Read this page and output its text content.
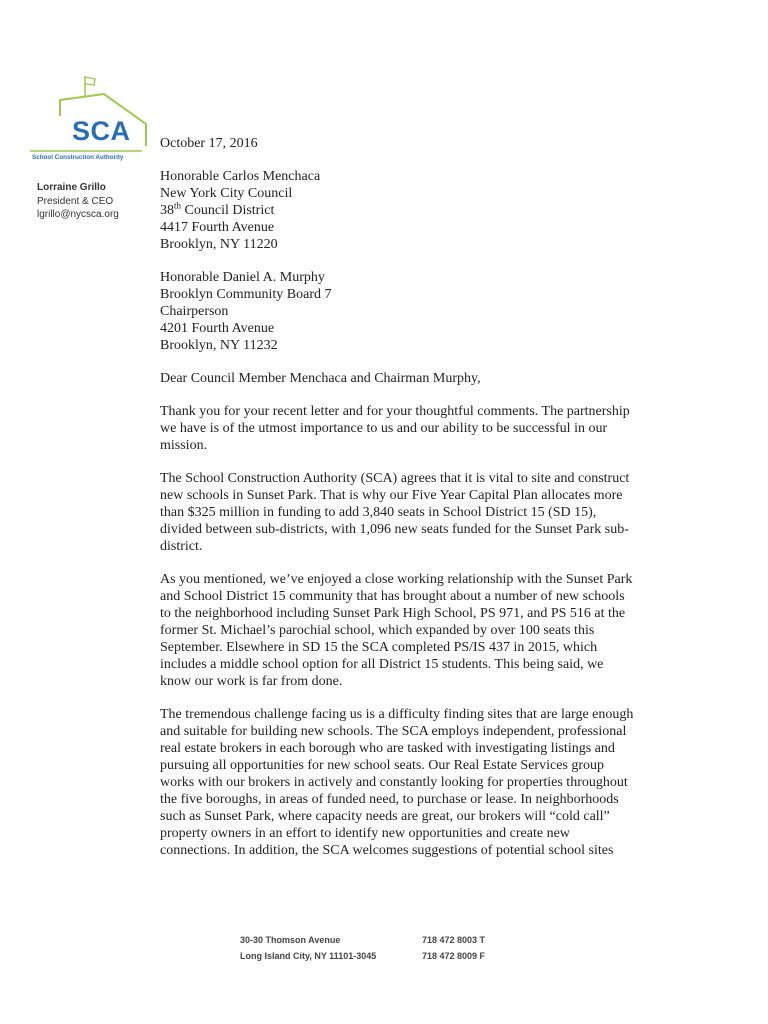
SCA
School Construction Authority
Lorraine Grillo
President & CEO
lgrillo@nycsca.org
October 17, 2016
Honorable Carlos Menchaca
New York City Council
38th Council District
4417 Fourth Avenue
Brooklyn, NY 11220
Honorable Daniel A. Murphy
Brooklyn Community Board 7
Chairperson
4201 Fourth Avenue
Brooklyn, NY 11232
Dear Council Member Menchaca and Chairman Murphy,
Thank you for your recent letter and for your thoughtful comments. The partnership
we have is of the utmost importance to us and our ability to be successful in our
mission.
The School Construction Authority (SCA) agrees that it is vital to site and construct
new schools in Sunset Park. That is why our Five Year Capital Plan allocates more
than $325 million in funding to add 3,840 seats in School District 15 (SD 15),
divided between sub-districts, with 1,096 new seats funded for the Sunset Park sub-
district.
As you mentioned, we’ve enjoyed a close working relationship with the Sunset Park
and School District 15 community that has brought about a number of new schools
to the neighborhood including Sunset Park High School, PS 971, and PS 516 at the
former St. Michael’s parochial school, which expanded by over 100 seats this
September. Elsewhere in SD 15 the SCA completed PS/IS 437 in 2015, which
includes a middle school option for all District 15 students. This being said, we
know our work is far from done.
The tremendous challenge facing us is a difficulty finding sites that are large enough
and suitable for building new schools. The SCA employs independent, professional
real estate brokers in each borough who are tasked with investigating listings and
pursuing all opportunities for new school seats. Our Real Estate Services group
works with our brokers in actively and constantly looking for properties throughout
the five boroughs, in areas of funded need, to purchase or lease. In neighborhoods
such as Sunset Park, where capacity needs are great, our brokers will “cold call”
property owners in an effort to identify new opportunities and create new
connections. In addition, the SCA welcomes suggestions of potential school sites
30-30 Thomson Avenue
Long Island City, NY 11101-3045
718 472 8003 T
718 472 8009 F
